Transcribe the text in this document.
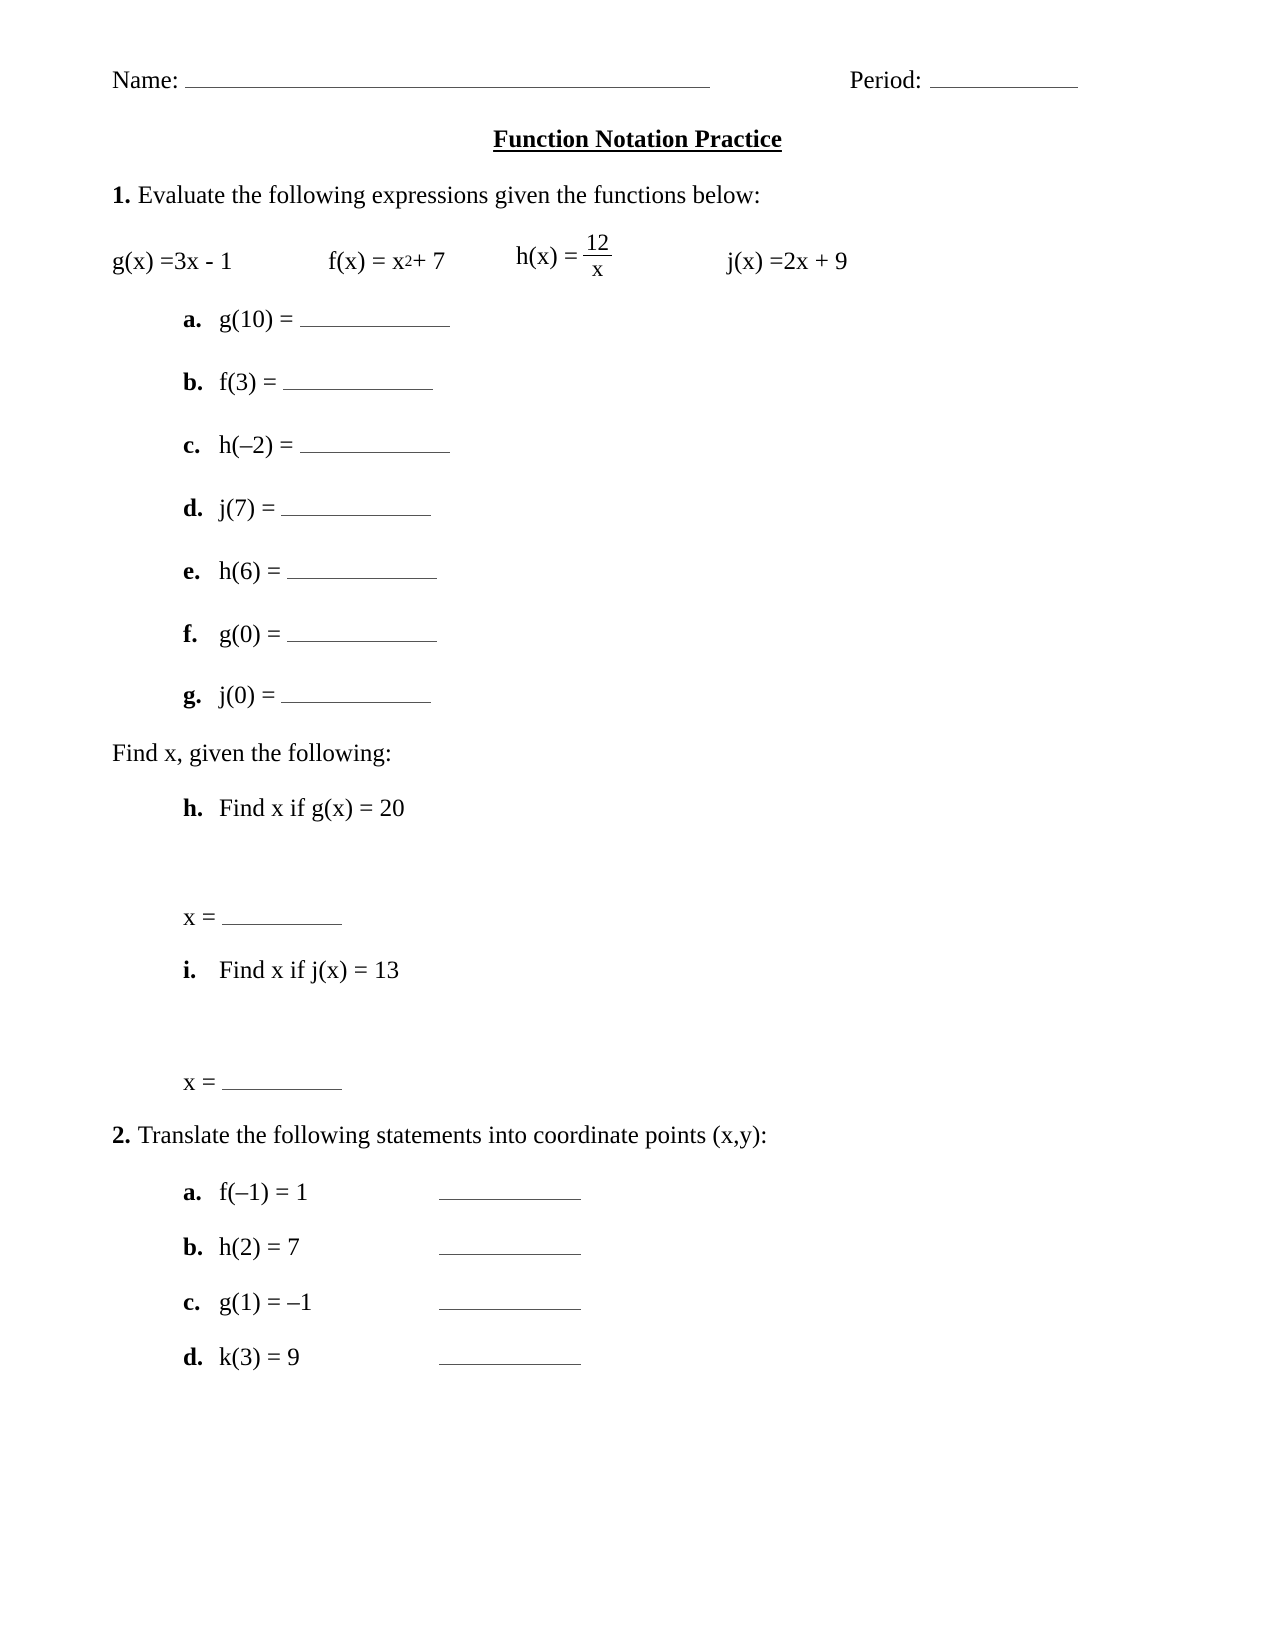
Name:	Period:
Function Notation Practice
1. Evaluate the following expressions given the functions below:
g(x) = 3x - 1	f(x) = x 2 + 7	$h(x) = \frac{12}{x}$	j(x) = 2x + 9
a. g(10) =
b. f(3) =
c. h(–2) =
d. j(7) =
e. h(6) =
f. g(0) =
g. j(0) =
Find x, given the following:
h. Find x if g(x) = 20
x =
i. Find x if j(x) = 13
x =
2. Translate the following statements into coordinate points (x,y):
a. f(–1) = 1
b. h(2) = 7
c. g(1) = –1
d. k(3) = 9
